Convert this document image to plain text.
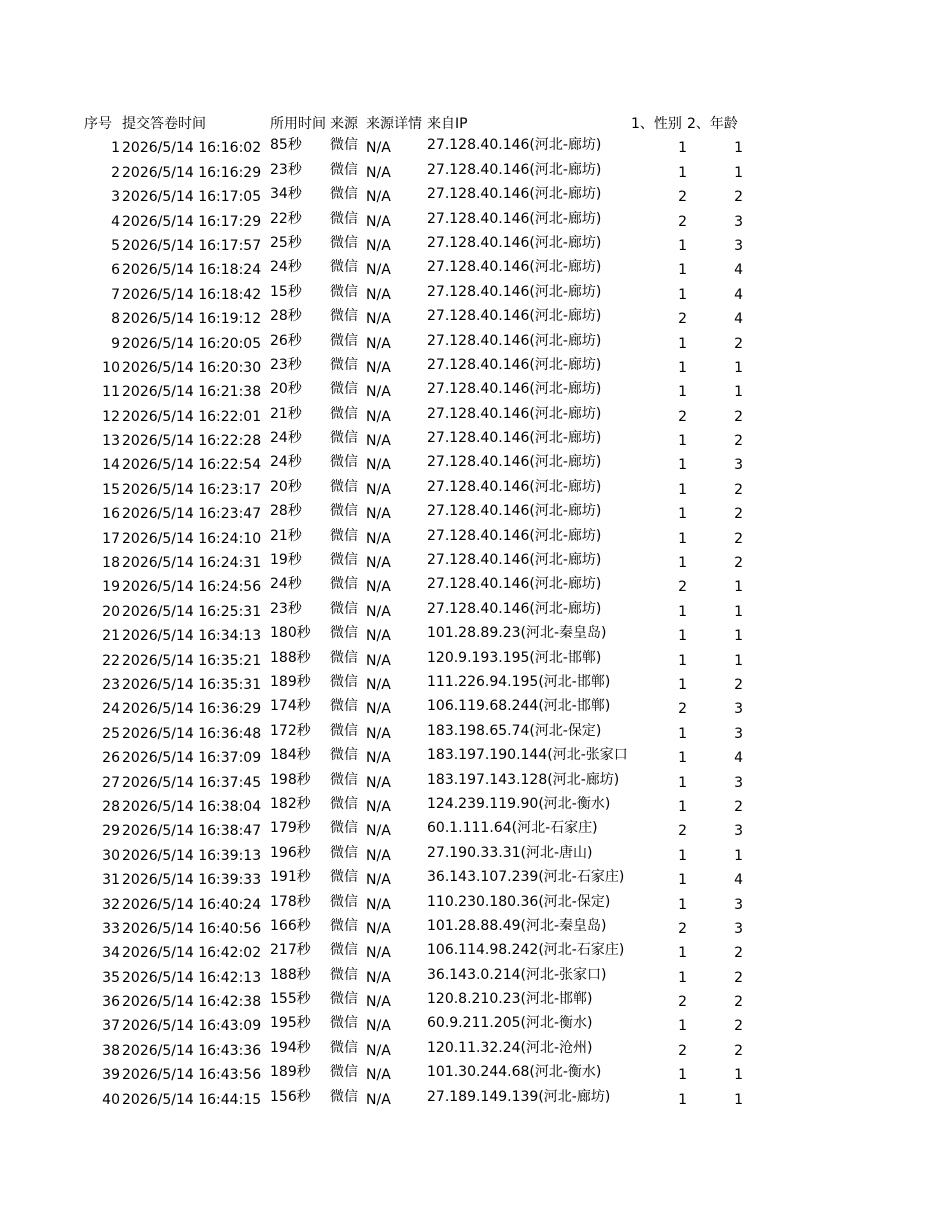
序号 提交答卷时间	所用时间 来源 来源详情 来自IP	1、性别 2、年龄
1 2026/5/14 16:16:02 85秒	微信 N/A	27.128.40.146(河北-廊坊)	1	1
2 2026/5/14 16:16:29 23秒	微信 N/A	27.128.40.146(河北-廊坊)	1	1
3 2026/5/14 16:17:05 34秒	微信 N/A	27.128.40.146(河北-廊坊)	2	2
4 2026/5/14 16:17:29 22秒	微信 N/A	27.128.40.146(河北-廊坊)	2	3
5 2026/5/14 16:17:57 25秒	微信 N/A	27.128.40.146(河北-廊坊)	1	3
6 2026/5/14 16:18:24 24秒	微信 N/A	27.128.40.146(河北-廊坊)	1	4
7 2026/5/14 16:18:42 15秒	微信 N/A	27.128.40.146(河北-廊坊)	1	4
8 2026/5/14 16:19:12 28秒	微信 N/A	27.128.40.146(河北-廊坊)	2	4
9 2026/5/14 16:20:05 26秒	微信 N/A	27.128.40.146(河北-廊坊)	1	2
10 2026/5/14 16:20:30 23秒	微信 N/A	27.128.40.146(河北-廊坊)	1	1
11 2026/5/14 16:21:38 20秒	微信 N/A	27.128.40.146(河北-廊坊)	1	1
12 2026/5/14 16:22:01 21秒	微信 N/A	27.128.40.146(河北-廊坊)	2	2
13 2026/5/14 16:22:28 24秒	微信 N/A	27.128.40.146(河北-廊坊)	1	2
14 2026/5/14 16:22:54 24秒	微信 N/A	27.128.40.146(河北-廊坊)	1	3
15 2026/5/14 16:23:17 20秒	微信 N/A	27.128.40.146(河北-廊坊)	1	2
16 2026/5/14 16:23:47 28秒	微信 N/A	27.128.40.146(河北-廊坊)	1	2
17 2026/5/14 16:24:10 21秒	微信 N/A	27.128.40.146(河北-廊坊)	1	2
18 2026/5/14 16:24:31 19秒	微信 N/A	27.128.40.146(河北-廊坊)	1	2
19 2026/5/14 16:24:56 24秒	微信 N/A	27.128.40.146(河北-廊坊)	2	1
20 2026/5/14 16:25:31 23秒	微信 N/A	27.128.40.146(河北-廊坊)	1	1
21 2026/5/14 16:34:13 180秒	微信 N/A	101.28.89.23(河北-秦皇岛)	1	1
22 2026/5/14 16:35:21 188秒	微信 N/A	120.9.193.195(河北-邯郸)	1	1
23 2026/5/14 16:35:31 189秒	微信 N/A	111.226.94.195(河北-邯郸)	1	2
24 2026/5/14 16:36:29 174秒	微信 N/A	106.119.68.244(河北-邯郸)	2	3
25 2026/5/14 16:36:48 172秒	微信 N/A	183.198.65.74(河北-保定)	1	3
26 2026/5/14 16:37:09 184秒	微信 N/A	183.197.190.144(河北-张家口	1	4
27 2026/5/14 16:37:45 198秒	微信 N/A	183.197.143.128(河北-廊坊)	1	3
28 2026/5/14 16:38:04 182秒	微信 N/A	124.239.119.90(河北-衡水)	1	2
29 2026/5/14 16:38:47 179秒	微信 N/A	60.1.111.64(河北-石家庄)	2	3
30 2026/5/14 16:39:13 196秒	微信 N/A	27.190.33.31(河北-唐山)	1	1
31 2026/5/14 16:39:33 191秒	微信 N/A	36.143.107.239(河北-石家庄)	1	4
32 2026/5/14 16:40:24 178秒	微信 N/A	110.230.180.36(河北-保定)	1	3
33 2026/5/14 16:40:56 166秒	微信 N/A	101.28.88.49(河北-秦皇岛)	2	3
34 2026/5/14 16:42:02 217秒	微信 N/A	106.114.98.242(河北-石家庄)	1	2
35 2026/5/14 16:42:13 188秒	微信 N/A	36.143.0.214(河北-张家口)	1	2
36 2026/5/14 16:42:38 155秒	微信 N/A	120.8.210.23(河北-邯郸)	2	2
37 2026/5/14 16:43:09 195秒	微信 N/A	60.9.211.205(河北-衡水)	1	2
38 2026/5/14 16:43:36 194秒	微信 N/A	120.11.32.24(河北-沧州)	2	2
39 2026/5/14 16:43:56 189秒	微信 N/A	101.30.244.68(河北-衡水)	1	1
40 2026/5/14 16:44:15 156秒	微信 N/A	27.189.149.139(河北-廊坊)	1	1
